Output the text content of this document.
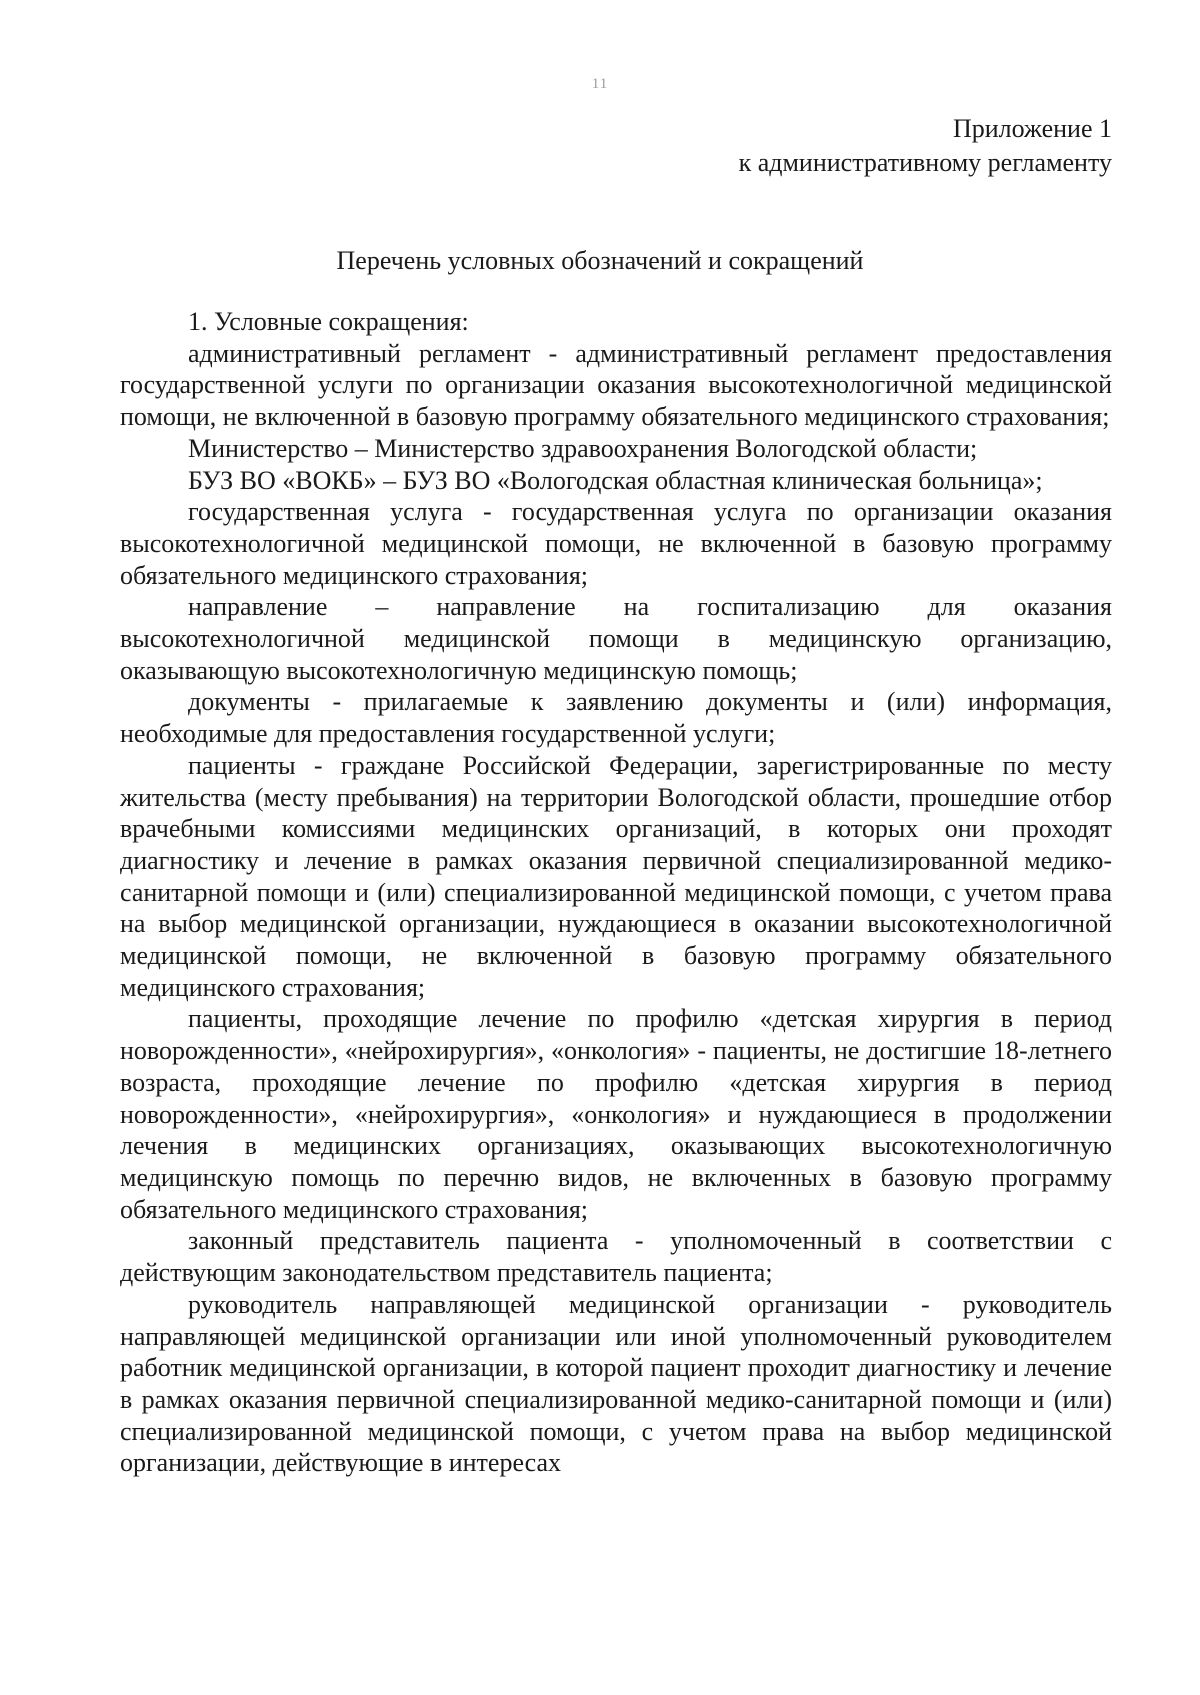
11
Приложение 1
к административному регламенту
Перечень условных обозначений и сокращений

1. Условные сокращения:

административный регламент - административный регламент предоставления государственной услуги по организации оказания высокотехнологичной медицинской помощи, не включенной в базовую программу обязательного медицинского страхования;

Министерство – Министерство здравоохранения Вологодской области;

БУЗ ВО «ВОКБ» – БУЗ ВО «Вологодская областная клиническая больница»;

государственная услуга - государственная услуга по организации оказания высокотехнологичной медицинской помощи, не включенной в базовую программу обязательного медицинского страхования;

направление – направление на госпитализацию для оказания высокотехнологичной медицинской помощи в медицинскую организацию, оказывающую высокотехнологичную медицинскую помощь;

документы - прилагаемые к заявлению документы и (или) информация, необходимые для предоставления государственной услуги;

пациенты - граждане Российской Федерации, зарегистрированные по месту жительства (месту пребывания) на территории Вологодской области, прошедшие отбор врачебными комиссиями медицинских организаций, в которых они проходят диагностику и лечение в рамках оказания первичной специализированной медико-санитарной помощи и (или) специализированной медицинской помощи, с учетом права на выбор медицинской организации, нуждающиеся в оказании высокотехнологичной медицинской помощи, не включенной в базовую программу обязательного медицинского страхования;

пациенты, проходящие лечение по профилю «детская хирургия в период новорожденности», «нейрохирургия», «онкология» - пациенты, не достигшие 18-летнего возраста, проходящие лечение по профилю «детская хирургия в период новорожденности», «нейрохирургия», «онкология» и нуждающиеся в продолжении лечения в медицинских организациях, оказывающих высокотехнологичную медицинскую помощь по перечню видов, не включенных в базовую программу обязательного медицинского страхования;

законный представитель пациента - уполномоченный в соответствии с действующим законодательством представитель пациента;

руководитель направляющей медицинской организации - руководитель направляющей медицинской организации или иной уполномоченный руководителем работник медицинской организации, в которой пациент проходит диагностику и лечение в рамках оказания первичной специализированной медико-санитарной помощи и (или) специализированной медицинской помощи, с учетом права на выбор медицинской организации, действующие в интересах
